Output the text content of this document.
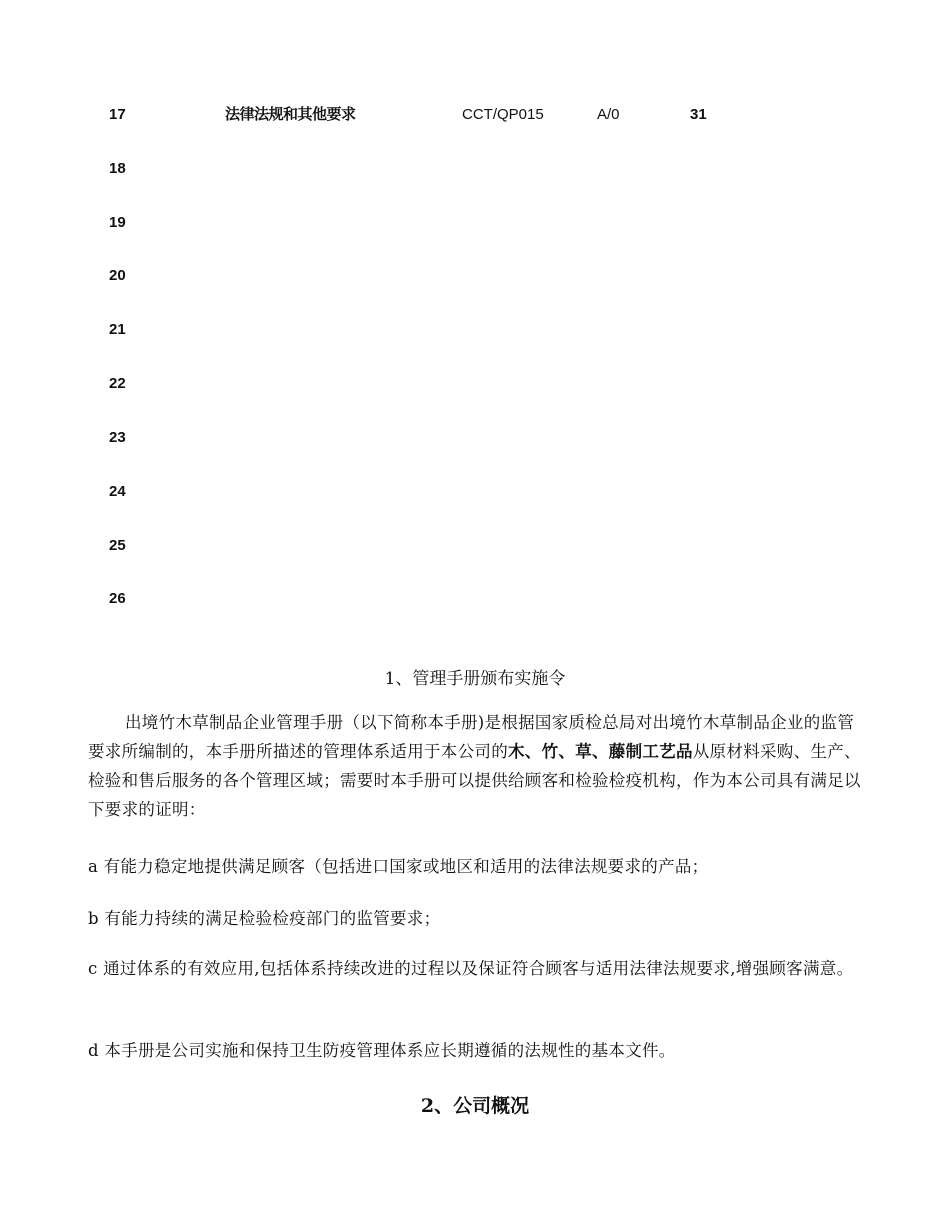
17	法律法规和其他要求	CCT/QP015	A/0	31
18
19
20
21
22
23
24
25
26
1、管理手册颁布实施令
出境竹木草制品企业管理手册（以下简称本手册)是根据国家质检总局对出境竹木草制品企业的监管要求所编制的，本手册所描述的管理体系适用于本公司的木、竹、草、藤制工艺品从原材料采购、生产、检验和售后服务的各个管理区域；需要时本手册可以提供给顾客和检验检疫机构，作为本公司具有满足以下要求的证明：
a 有能力稳定地提供满足顾客（包括进口国家或地区和适用的法律法规要求的产品；
b 有能力持续的满足检验检疫部门的监管要求；
c 通过体系的有效应用,包括体系持续改进的过程以及保证符合顾客与适用法律法规要求,增强顾客满意。
d 本手册是公司实施和保持卫生防疫管理体系应长期遵循的法规性的基本文件。
2、公司概况
